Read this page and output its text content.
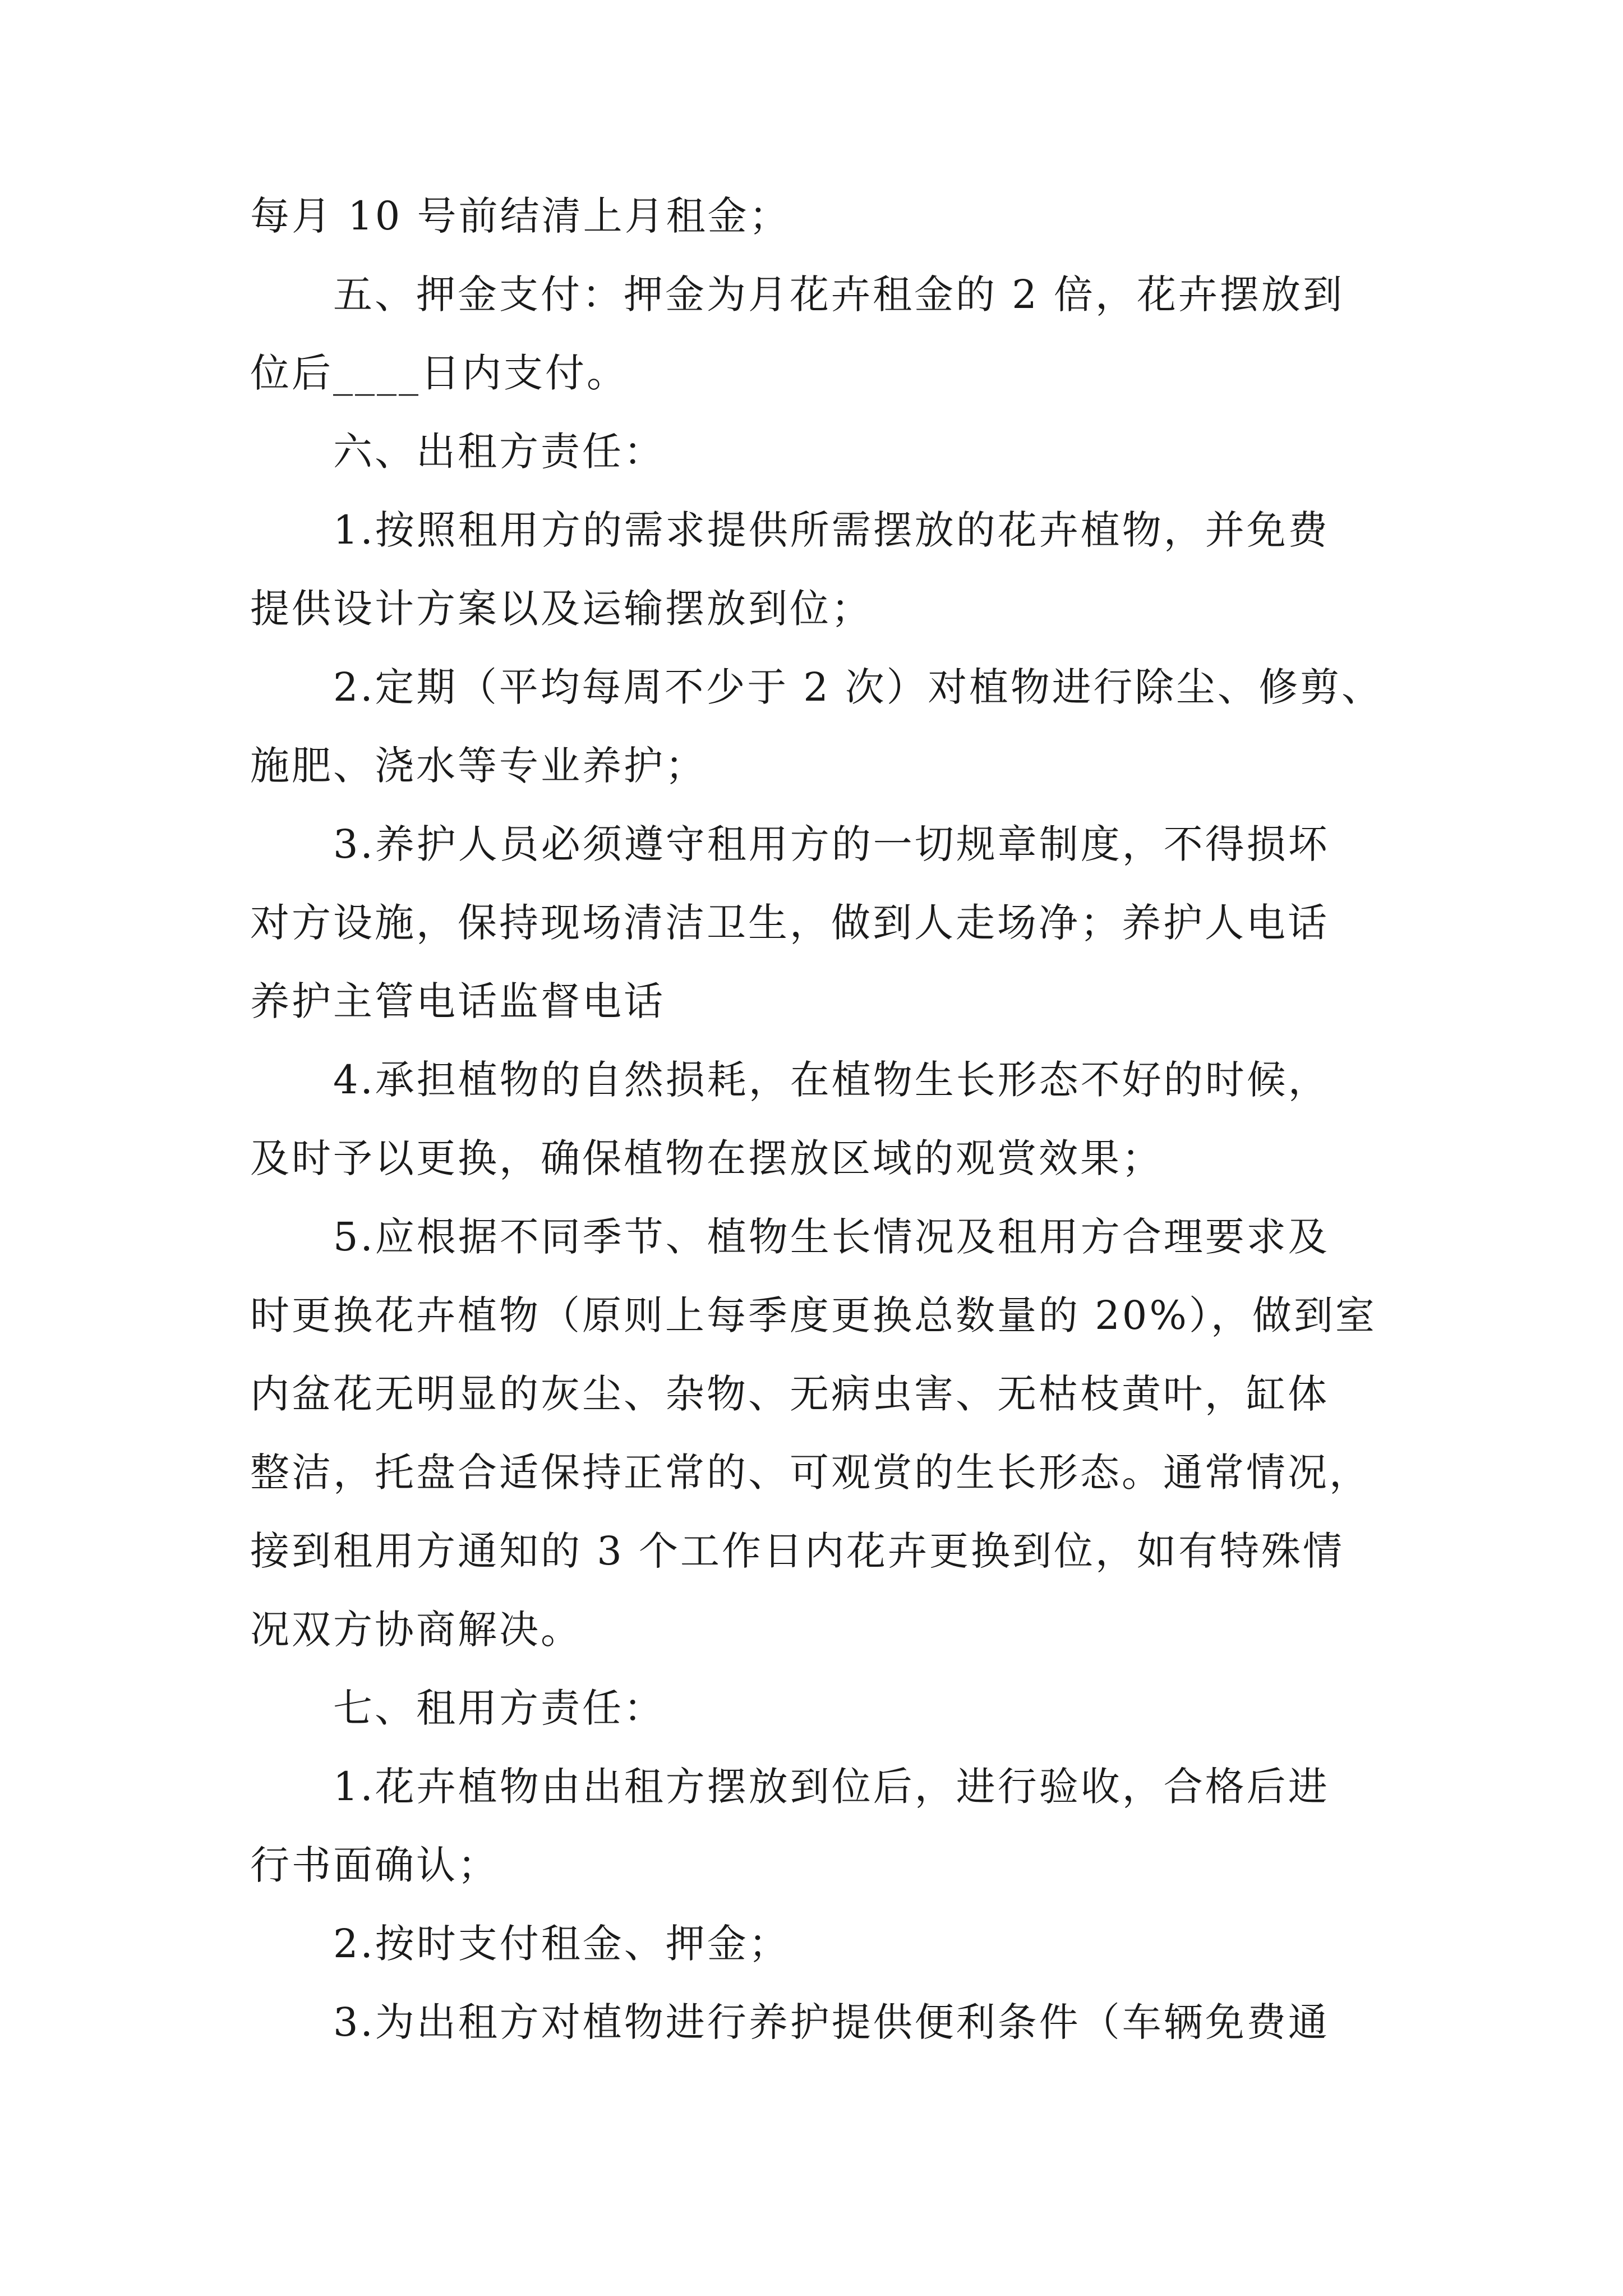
每月 10 号前结清上月租金；
五、押金支付：押金为月花卉租金的 2 倍，花卉摆放到
位后____日内支付。
六、出租方责任：
1.按照租用方的需求提供所需摆放的花卉植物，并免费
提供设计方案以及运输摆放到位；
2.定期（平均每周不少于 2 次）对植物进行除尘、修剪、
施肥、浇水等专业养护；
3.养护人员必须遵守租用方的一切规章制度，不得损坏
对方设施，保持现场清洁卫生，做到人走场净；养护人电话
养护主管电话监督电话
4.承担植物的自然损耗，在植物生长形态不好的时候，
及时予以更换，确保植物在摆放区域的观赏效果；
5.应根据不同季节、植物生长情况及租用方合理要求及
时更换花卉植物（原则上每季度更换总数量的 20%），做到室
内盆花无明显的灰尘、杂物、无病虫害、无枯枝黄叶，缸体
整洁，托盘合适保持正常的、可观赏的生长形态。通常情况，
接到租用方通知的 3 个工作日内花卉更换到位，如有特殊情
况双方协商解决。
七、租用方责任：
1.花卉植物由出租方摆放到位后，进行验收，合格后进
行书面确认；
2.按时支付租金、押金；
3.为出租方对植物进行养护提供便利条件（车辆免费通
